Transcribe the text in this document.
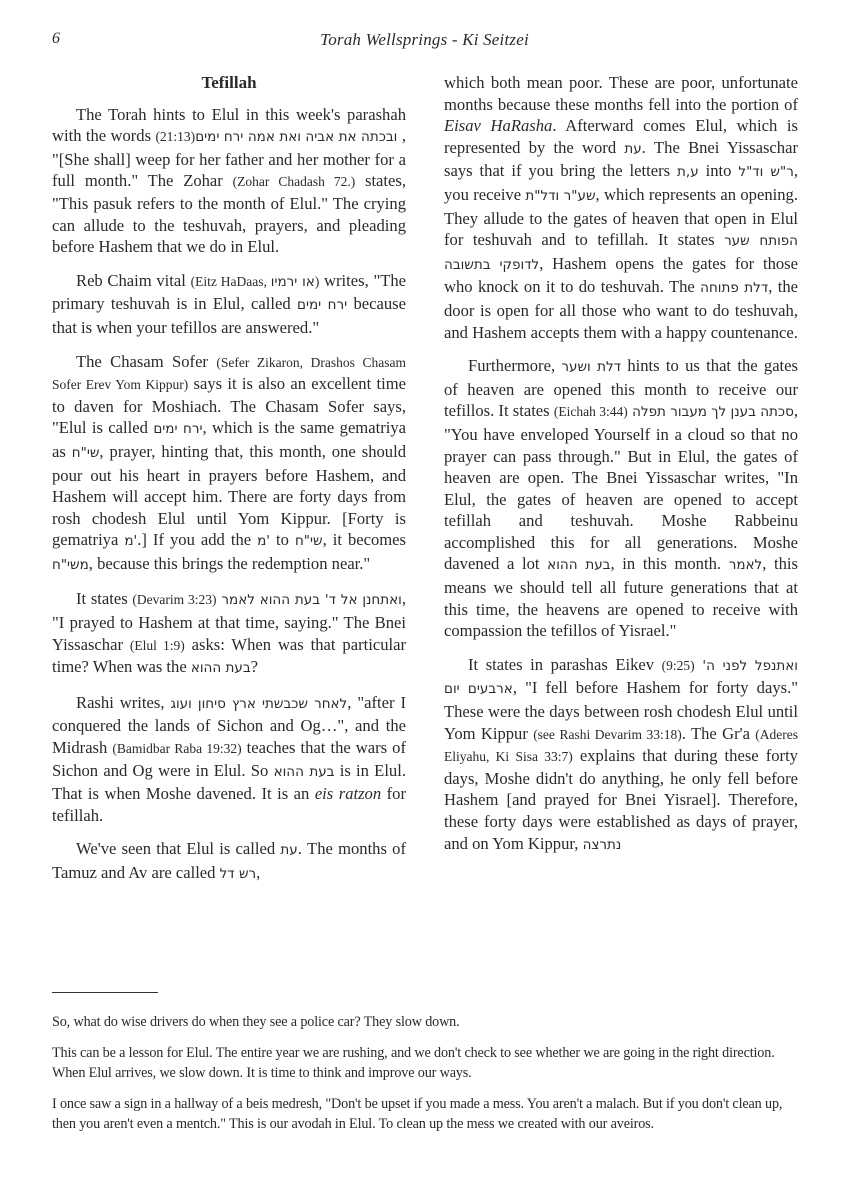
6	Torah Wellsprings - Ki Seitzei
Tefillah

The Torah hints to Elul in this week's parashah with the words (21:13) ובכתה את אביה ואת אמה ירח ימים, "[She shall] weep for her father and her mother for a full month." The Zohar (Zohar Chadash 72.) states, "This pasuk refers to the month of Elul." The crying can allude to the teshuvah, prayers, and pleading before Hashem that we do in Elul.

Reb Chaim vital (Eitz HaDaas, או ירמיו) writes, "The primary teshuvah is in Elul, called ירח ימים because that is when your tefillos are answered."

The Chasam Sofer (Sefer Zikaron, Drashos Chasam Sofer Erev Yom Kippur) says it is also an excellent time to daven for Moshiach. The Chasam Sofer says, "Elul is called ירח ימים, which is the same gematriya as שי"ח, prayer, hinting that, this month, one should pour out his heart in prayers before Hashem, and Hashem will accept him. There are forty days from rosh chodesh Elul until Yom Kippur. [Forty is gematriya מ'.] If you add the מ' to שי"ח, it becomes משי"ח, because this brings the redemption near."

It states (Devarim 3:23) ואתחנן אל ד' בעת ההוא לאמר, "I prayed to Hashem at that time, saying." The Bnei Yissaschar (Elul 1:9) asks: When was that particular time? When was the בעת ההוא?

Rashi writes, לאחר שכבשתי ארץ סיחון ועוג, "after I conquered the lands of Sichon and Og…", and the Midrash (Bamidbar Raba 19:32) teaches that the wars of Sichon and Og were in Elul. So בעת ההוא is in Elul. That is when Moshe davened. It is an eis ratzon for tefillah.

We've seen that Elul is called עת. The months of Tamuz and Av are called רש דל,

which both mean poor. These are poor, unfortunate months because these months fell into the portion of Eisav HaRasha. Afterward comes Elul, which is represented by the word עת. The Bnei Yissaschar says that if you bring the letters ע,ת into ר"ש וד"ל, you receive שע"ר ודל"ת, which represents an opening. They allude to the gates of heaven that open in Elul for teshuvah and to tefillah. It states הפותח שער לדופקי בתשובה, Hashem opens the gates for those who knock on it to do teshuvah. The דלת פתוחה, the door is open for all those who want to do teshuvah, and Hashem accepts them with a happy countenance.

Furthermore, דלת ושער hints to us that the gates of heaven are opened this month to receive our tefillos. It states (Eichah 3:44) סכתה בענן לך מעבור תפלה, "You have enveloped Yourself in a cloud so that no prayer can pass through." But in Elul, the gates of heaven are open. The Bnei Yissaschar writes, "In Elul, the gates of heaven are opened to accept tefillah and teshuvah. Moshe Rabbeinu accomplished this for all generations. Moshe davened a lot בעת ההוא, in this month. לאמר, this means we should tell all future generations that at this time, the heavens are opened to receive with compassion the tefillos of Yisrael."

It states in parashas Eikev (9:25) ואתנפל לפני ה' ארבעים יום, "I fell before Hashem for forty days." These were the days between rosh chodesh Elul until Yom Kippur (see Rashi Devarim 33:18). The Gr'a (Aderes Eliyahu, Ki Sisa 33:7) explains that during these forty days, Moshe didn't do anything, he only fell before Hashem [and prayed for Bnei Yisrael]. Therefore, these forty days were established as days of prayer, and on Yom Kippur, נתרצה

So, what do wise drivers do when they see a police car? They slow down.

This can be a lesson for Elul. The entire year we are rushing, and we don't check to see whether we are going in the right direction. When Elul arrives, we slow down. It is time to think and improve our ways.

I once saw a sign in a hallway of a beis medresh, "Don't be upset if you made a mess. You aren't a malach. But if you don't clean up, then you aren't even a mentch." This is our avodah in Elul. To clean up the mess we created with our aveiros.
